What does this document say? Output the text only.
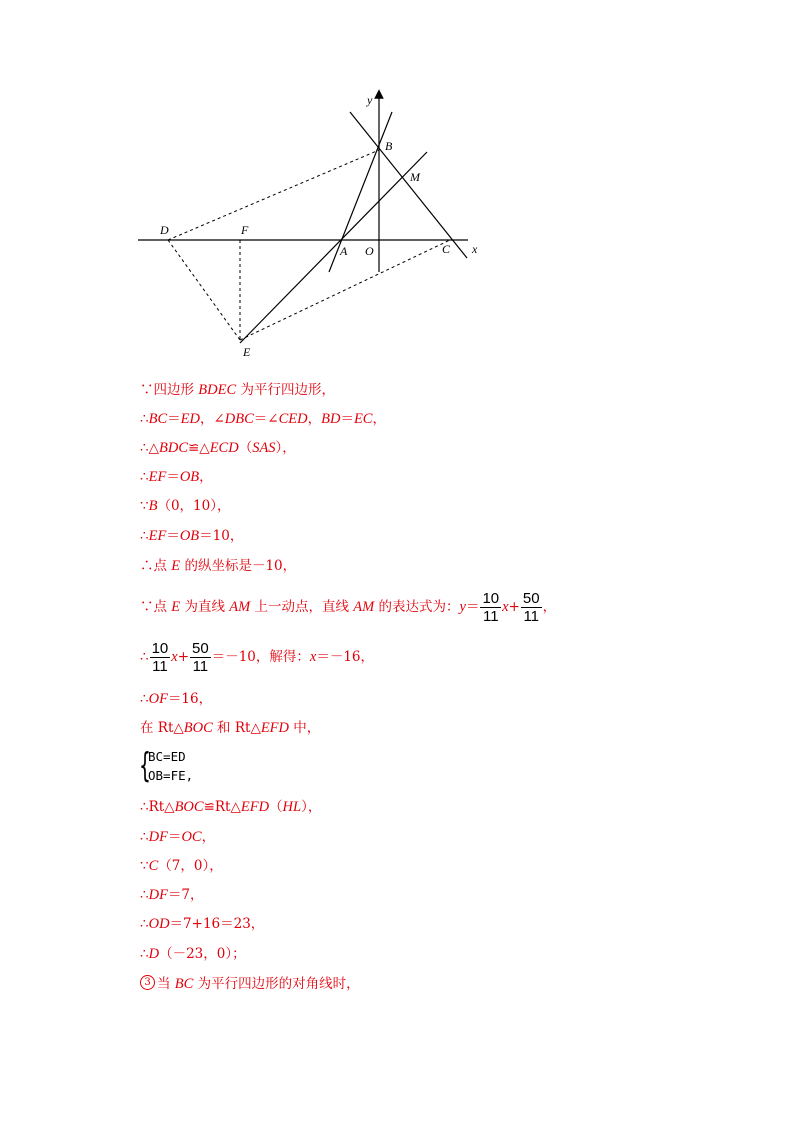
y
B
M
D	F
A O	C x
E
∵四边形 BDEC 为平行四边形，
∴BC＝ED，∠DBC＝∠CED，BD＝EC，
∴△BDC≌△ECD（SAS），
∴EF＝OB，
∵B（0，10），
∴EF＝OB＝10，
∴点 E 的纵坐标是－10，
∵点 E 为直线 AM 上一动点，直线 AM 的表达式为：$y= \frac{10}{11} x+ \frac{50}{11}$ ，
∴ $\frac{10}{11} x+ \frac{50}{11} =-10$，解得：x＝－16，
∴OF＝16，
在 Rt△BOC 和 Rt△EFD 中，
{
BC=ED
OB=FE,
∴Rt△BOC≌Rt△EFD（HL），
∴DF＝OC，
∵C（7，0），
∴DF＝7，
∴OD＝7+16＝23，
∴D（－23，0）；
3 当 BC 为平行四边形的对角线时，
